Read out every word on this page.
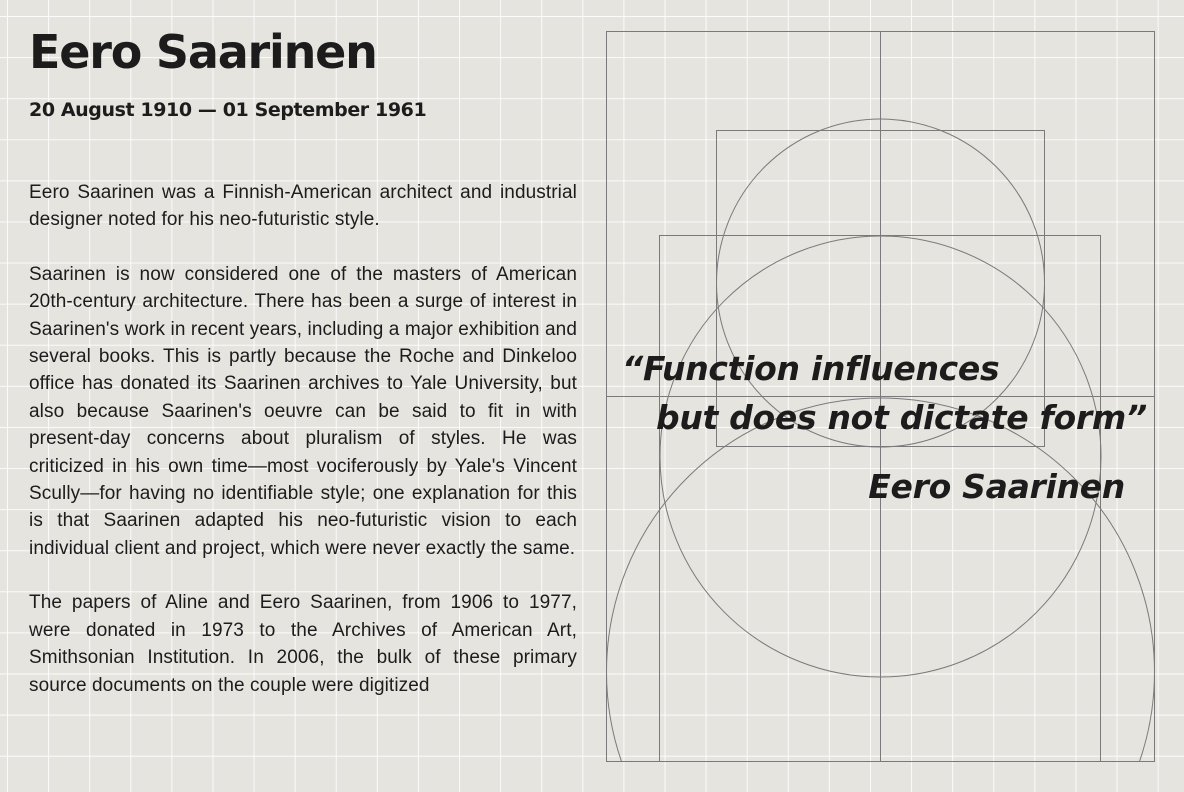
Eero Saarinen
20 August 1910 — 01 September 1961

Eero Saarinen was a Finnish-American architect and industrial designer noted for his neo-futuristic style.

Saarinen is now considered one of the masters of American 20th-century architecture. There has been a surge of interest in Saarinen's work in recent years, including a major exhibition and several books. This is partly because the Roche and Dinkeloo office has donated its Saarinen archives to Yale University, but also because Saarinen's oeuvre can be said to fit in with present-day concerns about pluralism of styles. He was criticized in his own time—most vociferously by Yale's Vincent Scully—for having no identifiable style; one explanation for this is that Saarinen adapted his neo-futuristic vision to each individual client and project, which were never exactly the same.

The papers of Aline and Eero Saarinen, from 1906 to 1977, were donated in 1973 to the Archives of American Art, Smithsonian Institution. In 2006, the bulk of these primary source documents on the couple were digitized

“Function influences
but does not dictate form”
Eero Saarinen
